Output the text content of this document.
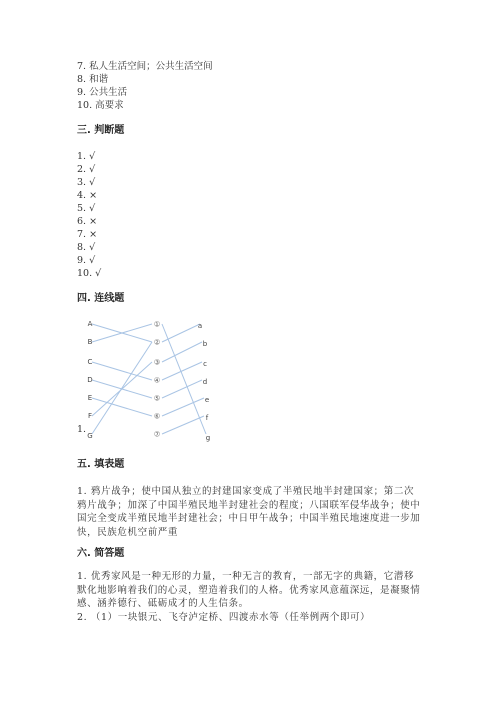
7. 私人生活空间；公共生活空间
8. 和谐
9. 公共生活
10. 高要求
三. 判断题
1. √
2. √
3. √
4. ×
5. √
6. ×
7. ×
8. √
9. √
10. √
四. 连线题
A
B
C
D
E
F
G
①
②
③
④
⑤
⑥
⑦
a
b
c
d
e
f
g
1.
五. 填表题
1. 鸦片战争；使中国从独立的封建国家变成了半殖民地半封建国家；第二次鸦片战争；加深了中国半殖民地半封建社会的程度；八国联军侵华战争；使中国完全变成半殖民地半封建社会；中日甲午战争；中国半殖民地速度进一步加快，民族危机空前严重
六. 简答题
1. 优秀家风是一种无形的力量，一种无言的教育，一部无字的典籍，它潜移默化地影响着我们的心灵，塑造着我们的人格。优秀家风意蕴深远，是凝聚情感、涵养德行、砥砺成才的人生信条。
2. （1）一块银元、飞夺泸定桥、四渡赤水等（任举例两个即可）
